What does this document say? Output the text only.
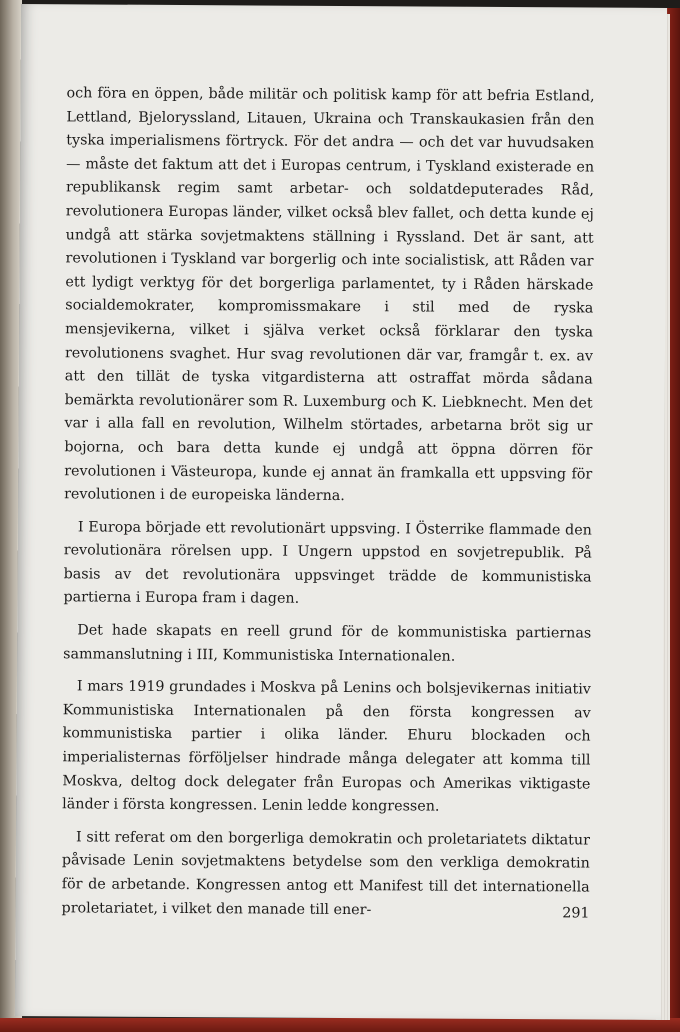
och föra en öppen, både militär och politisk kamp för att befria Estland, Lettland, Bjelorysslаnd, Litauen, Ukraina och Transkaukasien från den tyska imperialismens förtryck. För det andra — och det var huvudsaken — måste det faktum att det i Europas centrum, i Tyskland existerade en republikansk regim samt arbetar- och soldatdeputerades Råd, revolutionera Europas länder, vilket också blev fallet, och detta kunde ej undgå att stärka sovjetmaktens ställning i Ryssland. Det är sant, att revolutionen i Tyskland var borgerlig och inte socialistisk, att Råden var ett lydigt verktyg för det borgerliga parlamentet, ty i Råden härskade socialdemokrater, kompromissmakare i stil med de ryska mensjevikerna, vilket i själva verket också förklarar den tyska revolutionens svaghet. Hur svag revolutionen där var, framgår t. ex. av att den tillät de tyska vitgardisterna att ostraffat mörda sådana bemärkta revolutionärer som R. Luxemburg och K. Liebknecht. Men det var i alla fall en revolution, Wilhelm störtades, arbetarna bröt sig ur bojorna, och bara detta kunde ej undgå att öppna dörren för revolutionen i Västeuropa, kunde ej annat än framkalla ett uppsving för revolutionen i de europeiska länderna.

I Europa började ett revolutionärt uppsving. I Österrike flammade den revolutionära rörelsen upp. I Ungern uppstod en sovjetrepublik. På basis av det revolutionära uppsvinget trädde de kommunistiska partierna i Europa fram i dagen.

Det hade skapats en reell grund för de kommunistiska partiernas sammanslutning i III, Kommunistiska Internationalen.

I mars 1919 grundades i Moskva på Lenins och bolsjevikernas initiativ Kommunistiska Internationalen på den första kongressen av kommunistiska partier i olika länder. Ehuru blockaden och imperialisternas förföljelser hindrade många delegater att komma till Moskva, deltog dock delegater från Europas och Amerikas viktigaste länder i första kongressen. Lenin ledde kongressen.

I sitt referat om den borgerliga demokratin och proletariatets diktatur påvisade Lenin sovjetmaktens betydelse som den verkliga demokratin för de arbetande. Kongressen antog ett Manifest till det internationella proletariatet, i vilket den manade till ener-	291
